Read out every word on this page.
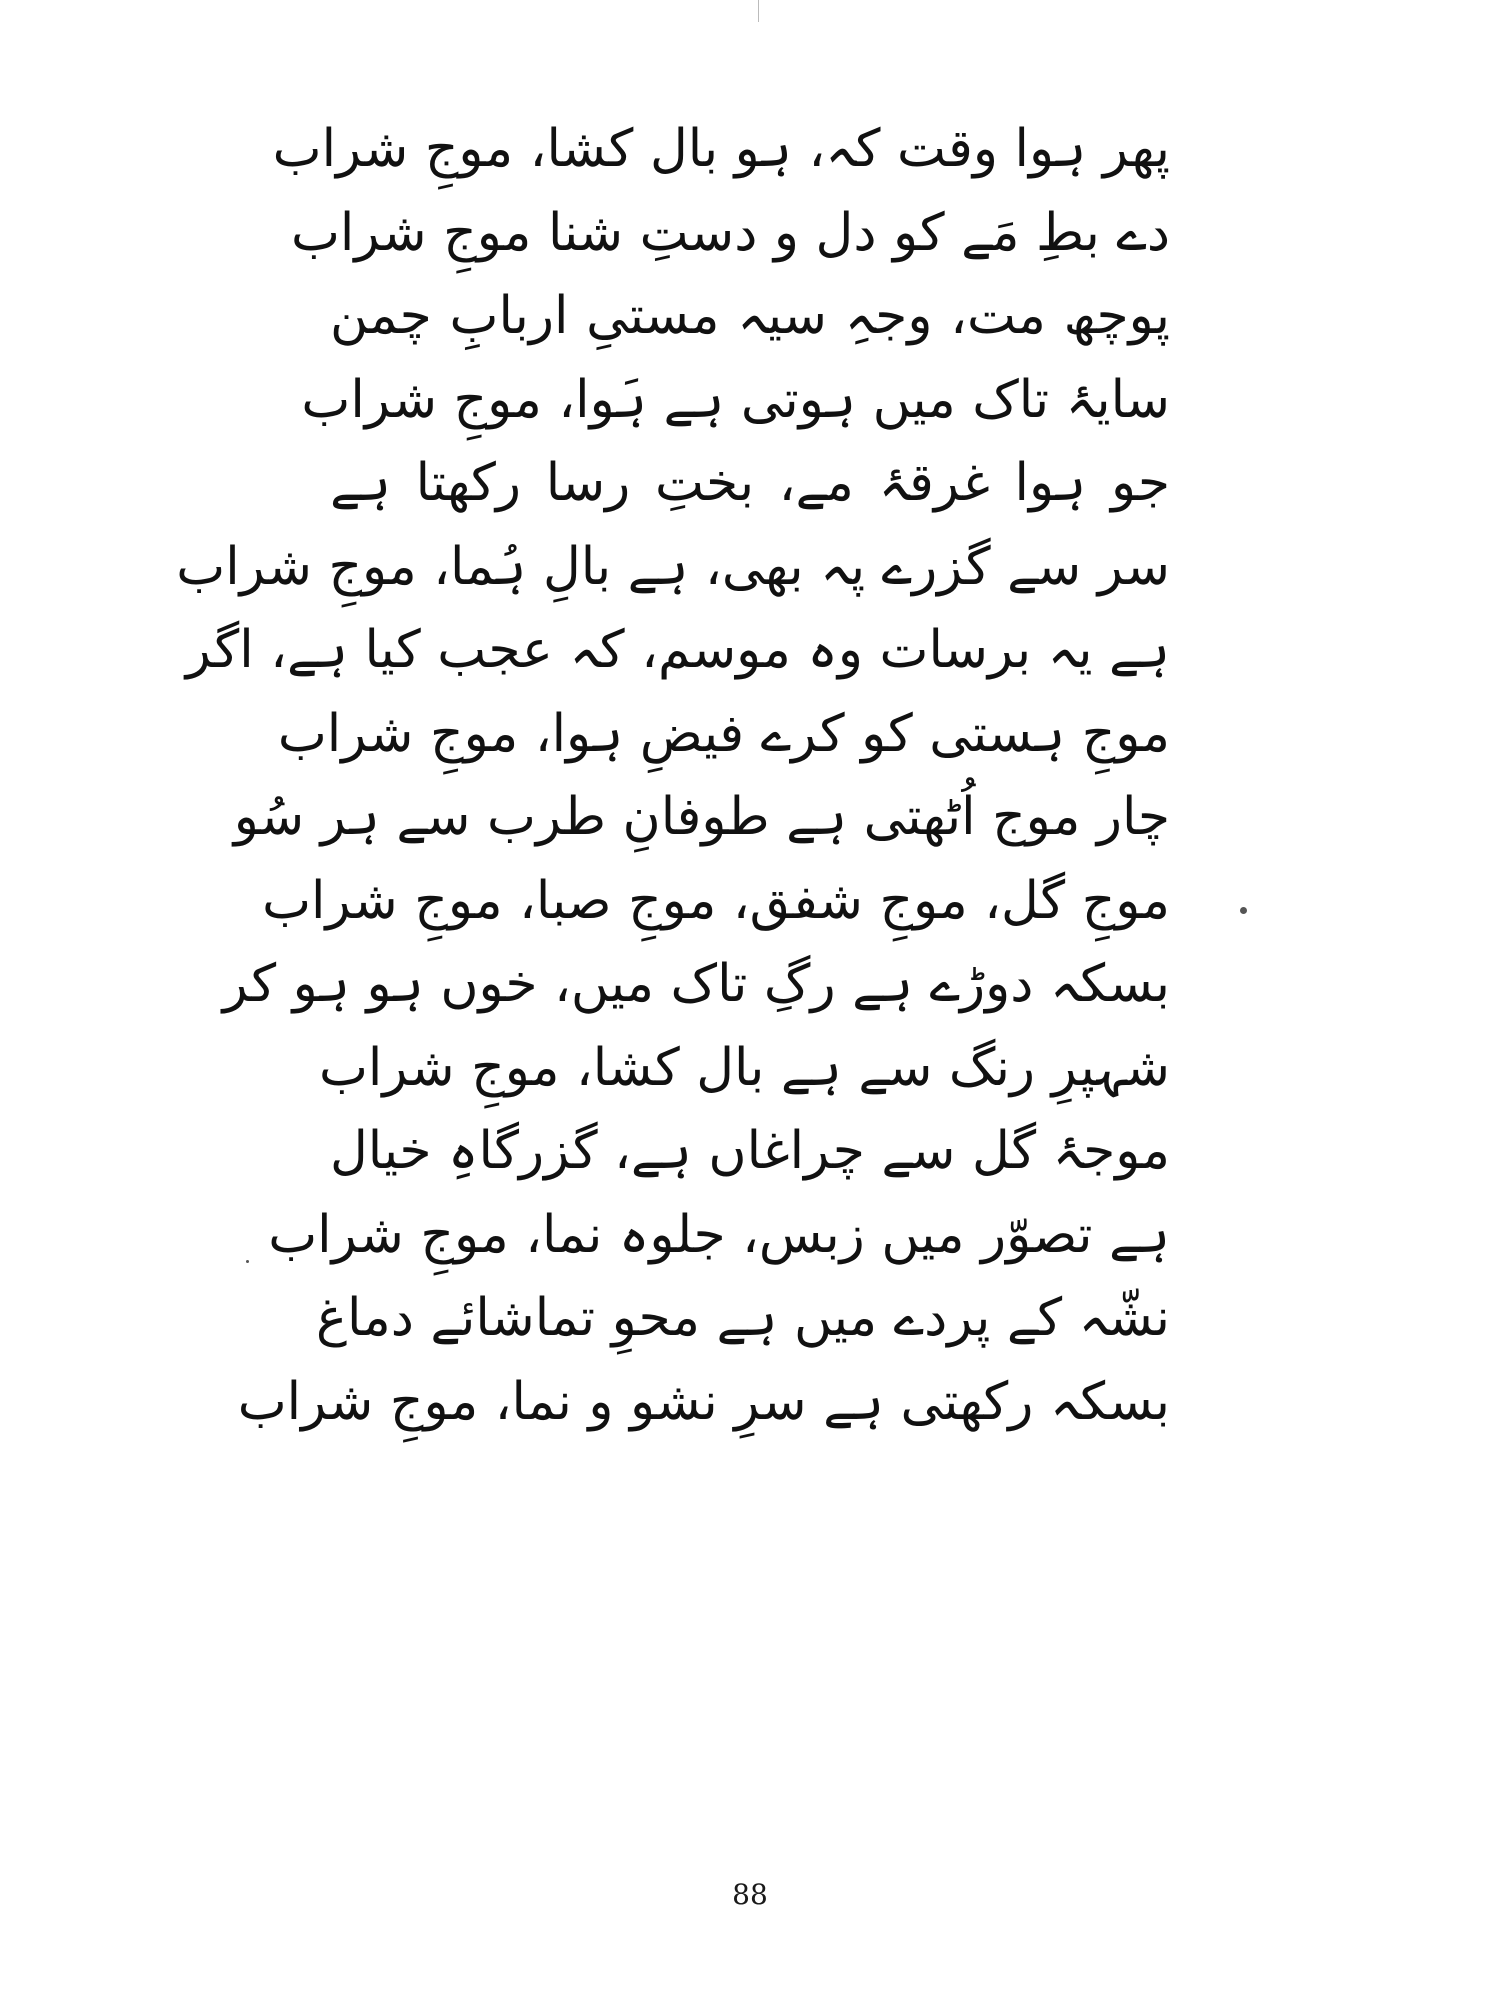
پھر ہوا وقت کہ، ہو بال کشا، موجِ شراب
دے بطِ مَے کو دل و دستِ شنا موجِ شراب
پوچھ مت، وجہِ سیہ مستیِ اربابِ چمن
سایۂ تاک میں ہوتی ہے ہَوا، موجِ شراب
جو ہوا غرقۂ مے، بختِ رسا رکھتا ہے
سر سے گزرے پہ بھی، ہے بالِ ہُما، موجِ شراب
ہے یہ برسات وہ موسم، کہ عجب کیا ہے، اگر
موجِ ہستی کو کرے فیضِ ہوا، موجِ شراب
چار موج اُٹھتی ہے طوفانِ طرب سے ہر سُو
موجِ گل، موجِ شفق، موجِ صبا، موجِ شراب
بسکہ دوڑے ہے رگِ تاک میں، خوں ہو ہو کر
شہپرِ رنگ سے ہے بال کشا، موجِ شراب
موجۂ گل سے چراغاں ہے، گزرگاہِ خیال
ہے تصوّر میں زبس، جلوہ نما، موجِ شراب
نشّہ کے پردے میں ہے محوِ تماشائے دماغ
بسکہ رکھتی ہے سرِ نشو و نما، موجِ شراب
88
